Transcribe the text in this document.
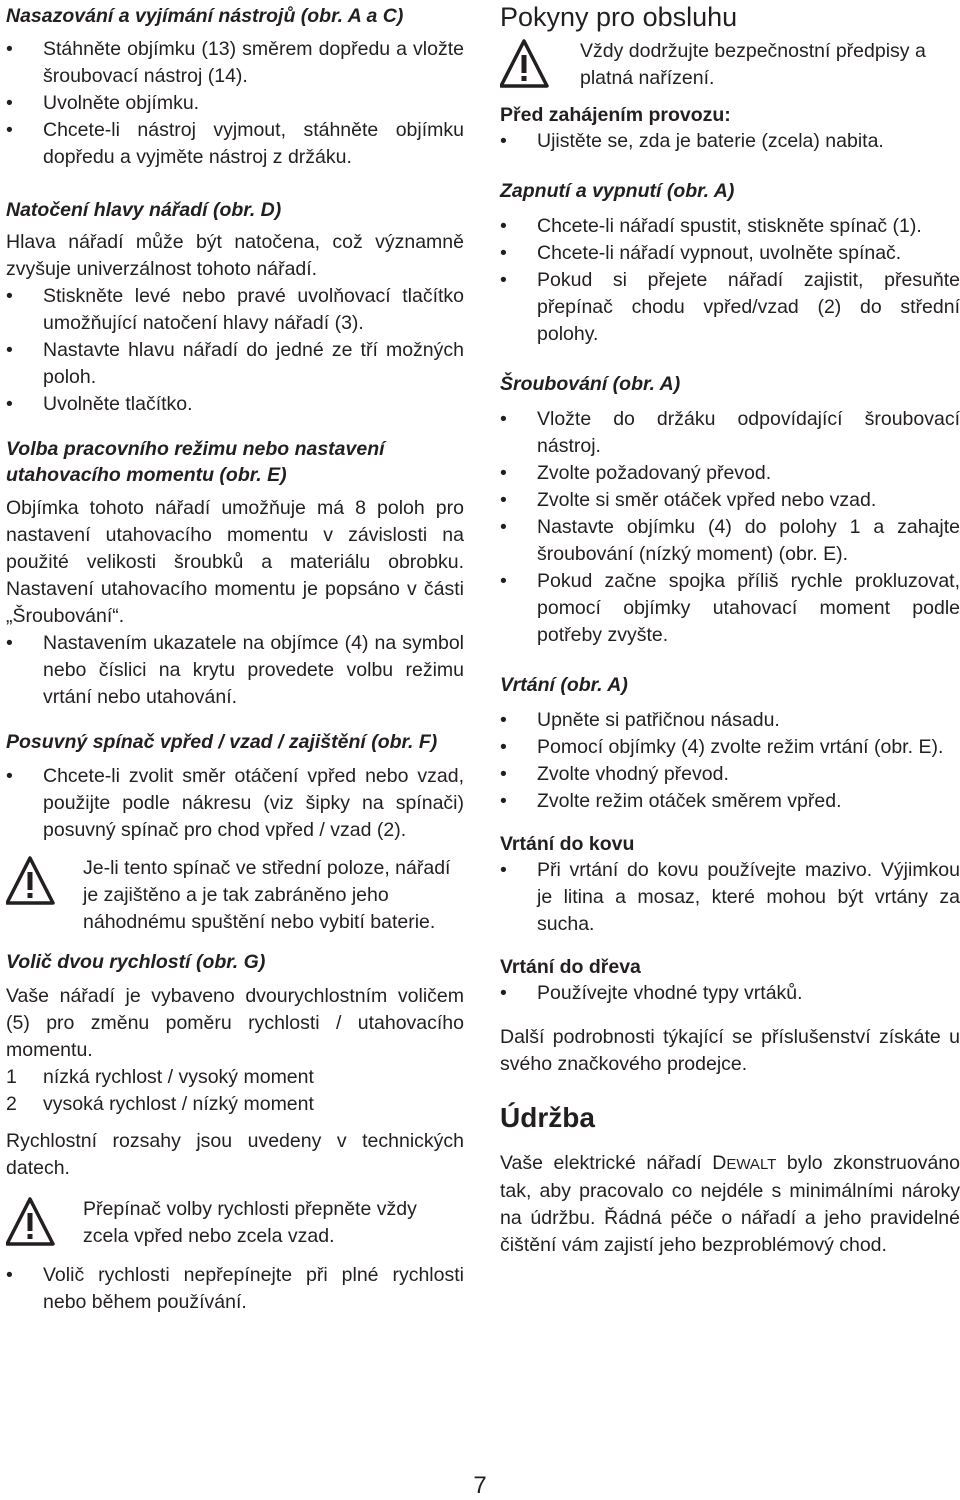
Nasazování a vyjímání nástrojů (obr. A a C)
• Stáhněte objímku (13) směrem dopředu a vložte šroubovací nástroj (14).
• Uvolněte objímku.
• Chcete-li nástroj vyjmout, stáhněte objímku dopředu a vyjměte nástroj z držáku.
Natočení hlavy nářadí (obr. D)

Hlava nářadí může být natočena, což významně zvyšuje univerzálnost tohoto nářadí.

• Stiskněte levé nebo pravé uvolňovací tlačítko umožňující natočení hlavy nářadí (3).
• Nastavte hlavu nářadí do jedné ze tří možných poloh.
• Uvolněte tlačítko.
Volba pracovního režimu nebo nastavení utahovacího momentu (obr. E)

Objímka tohoto nářadí umožňuje má 8 poloh pro nastavení utahovacího momentu v závislosti na použité velikosti šroubků a materiálu obrobku. Nastavení utahovacího momentu je popsáno v části „Šroubování“.

• Nastavením ukazatele na objímce (4) na symbol nebo číslici na krytu provedete volbu režimu vrtání nebo utahování.
Posuvný spínač vpřed / vzad / zajištění (obr. F)
• Chcete-li zvolit směr otáčení vpřed nebo vzad, použijte podle nákresu (viz šipky na spínači) posuvný spínač pro chod vpřed / vzad (2).
Je-li tento spínač ve střední poloze, nářadí je zajištěno a je tak zabráněno jeho náhodnému spuštění nebo vybití baterie.
Volič dvou rychlostí (obr. G)

Vaše nářadí je vybaveno dvourychlostním voličem (5) pro změnu poměru rychlosti / utahovacího momentu.

1	nízká rychlost / vysoký moment
2	vysoká rychlost / nízký moment

Rychlostní rozsahy jsou uvedeny v technických datech.

Přepínač volby rychlosti přepněte vždy zcela vpřed nebo zcela vzad.
• Volič rychlosti nepřepínejte při plné rychlosti nebo během používání.
Pokyny pro obsluhu
Vždy dodržujte bezpečnostní předpisy a platná nařízení.
Před zahájením provozu:
• Ujistěte se, zda je baterie (zcela) nabita.
Zapnutí a vypnutí (obr. A)
• Chcete-li nářadí spustit, stiskněte spínač (1).
• Chcete-li nářadí vypnout, uvolněte spínač.
• Pokud si přejete nářadí zajistit, přesuňte přepínač chodu vpřed/vzad (2) do střední polohy.
Šroubování (obr. A)
• Vložte do držáku odpovídající šroubovací nástroj.
• Zvolte požadovaný převod.
• Zvolte si směr otáček vpřed nebo vzad.
• Nastavte objímku (4) do polohy 1 a zahajte šroubování (nízký moment) (obr. E).
• Pokud začne spojka příliš rychle prokluzovat, pomocí objímky utahovací moment podle potřeby zvyšte.
Vrtání (obr. A)
• Upněte si patřičnou násadu.
• Pomocí objímky (4) zvolte režim vrtání (obr. E).
• Zvolte vhodný převod.
• Zvolte režim otáček směrem vpřed.
Vrtání do kovu
• Při vrtání do kovu používejte mazivo. Výjimkou je litina a mosaz, které mohou být vrtány za sucha.
Vrtání do dřeva
• Používejte vhodné typy vrtáků.

Další podrobnosti týkající se příslušenství získáte u svého značkového prodejce.

Údržba

Vaše elektrické nářadí DEWALT bylo zkonstruováno tak, aby pracovalo co nejdéle s minimálními nároky na údržbu. Řádná péče o nářadí a jeho pravidelné čištění vám zajistí jeho bezproblémový chod.

7
